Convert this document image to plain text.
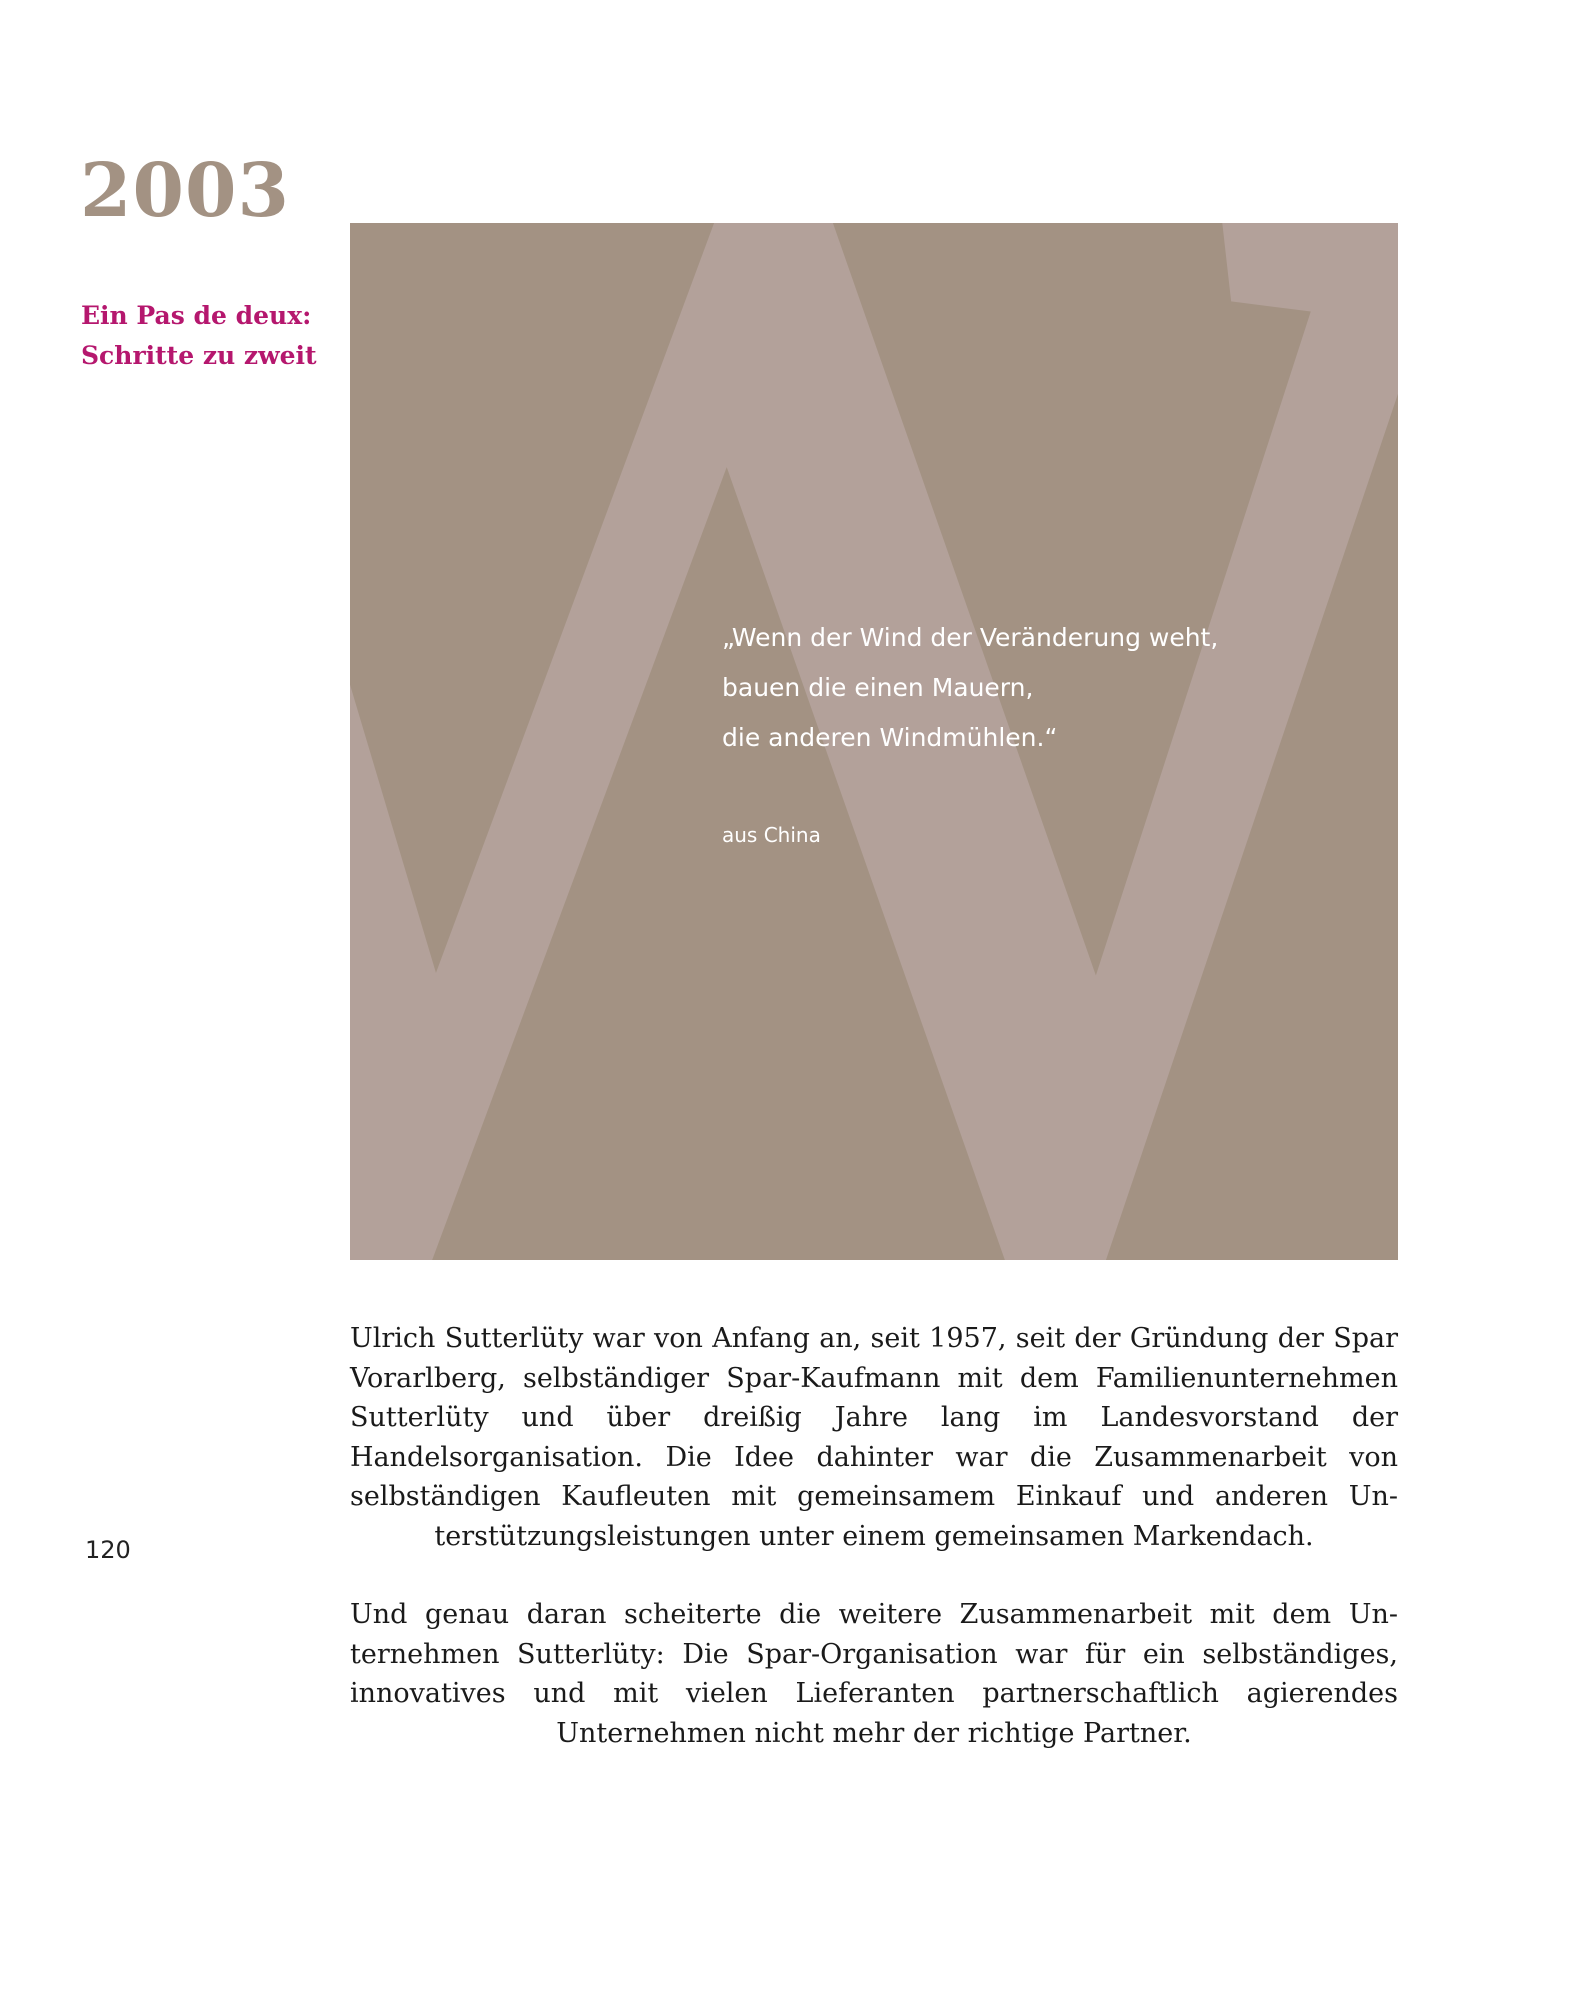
2003
Ein Pas de deux:
Schritte zu zweit
„Wenn der Wind der Veränderung weht,
bauen die einen Mauern,
die anderen Windmühlen.“
aus China
Ulrich Sutterlüty war von Anfang an, seit 1957, seit der Gründung der Spar Vorarlberg, selbständiger Spar-Kaufmann mit dem Familienunternehmen Sutterlüty und über dreißig Jahre lang im Landesvorstand der Handelsorganisation. Die Idee dahinter war die Zusammenarbeit von selbständigen Kaufleuten mit gemeinsamem Einkauf und anderen Unterstützungsleistungen unter einem gemeinsamen Markendach.
Und genau daran scheiterte die weitere Zusammenarbeit mit dem Unternehmen Sutterlüty: Die Spar-Organisation war für ein selbständiges, innovatives und mit vielen Lieferanten partnerschaftlich agierendes Unternehmen nicht mehr der richtige Partner.
120
